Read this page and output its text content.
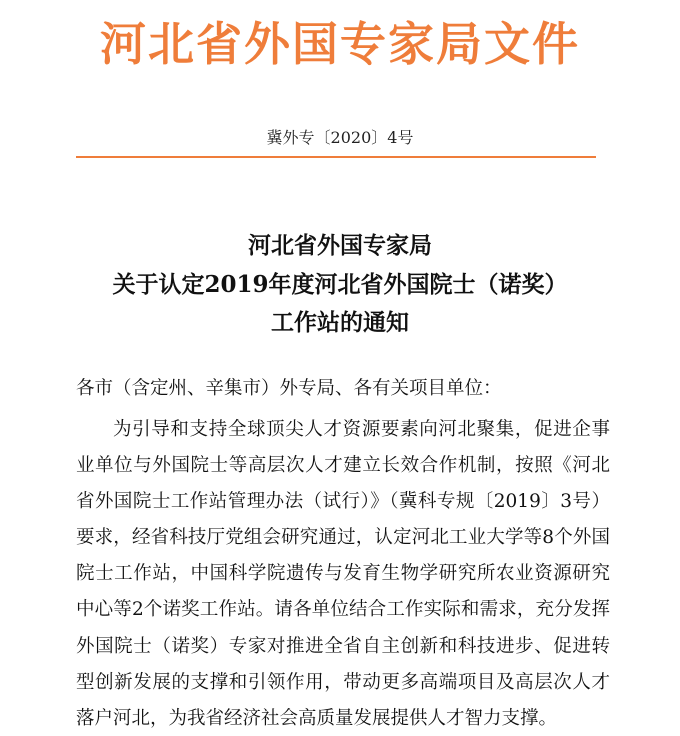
河北省外国专家局文件
冀外专〔2020〕4号
河北省外国专家局
关于认定2019年度河北省外国院士（诺奖）
工作站的通知
各市（含定州、辛集市）外专局、各有关项目单位：
为引导和支持全球顶尖人才资源要素向河北聚集，促进企事业单位与外国院士等高层次人才建立长效合作机制，按照《河北省外国院士工作站管理办法（试行）》（冀科专规〔2019〕3号）要求，经省科技厅党组会研究通过，认定河北工业大学等8个外国院士工作站，中国科学院遗传与发育生物学研究所农业资源研究中心等2个诺奖工作站。请各单位结合工作实际和需求，充分发挥外国院士（诺奖）专家对推进全省自主创新和科技进步、促进转型创新发展的支撑和引领作用，带动更多高端项目及高层次人才落户河北，为我省经济社会高质量发展提供人才智力支撑。
